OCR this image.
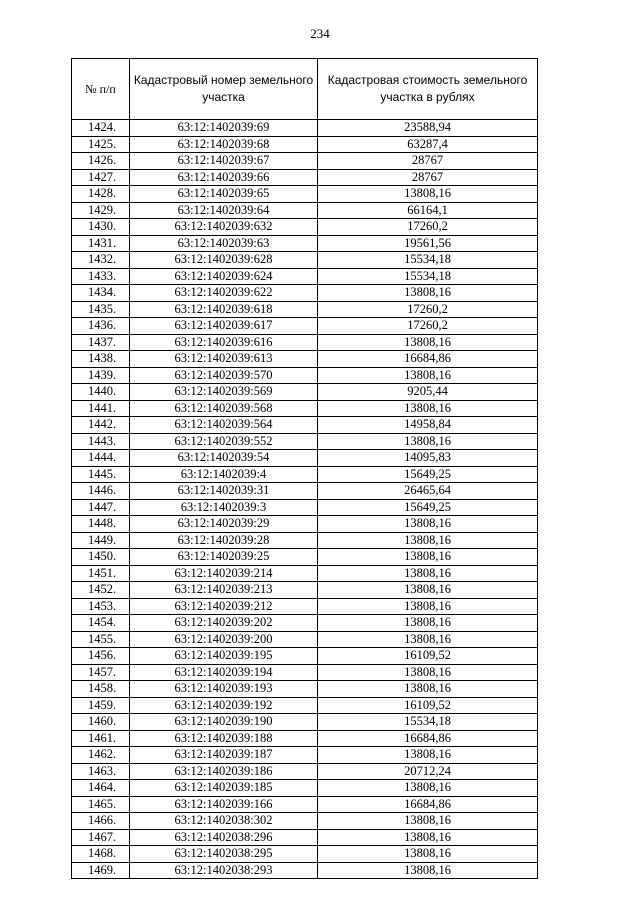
234
№ п/п	Кадастровый номер земельного участка	Кадастровая стоимость земельного участка в рублях
1424.	63:12:1402039:69	23588,94
1425.	63:12:1402039:68	63287,4
1426.	63:12:1402039:67	28767
1427.	63:12:1402039:66	28767
1428.	63:12:1402039:65	13808,16
1429.	63:12:1402039:64	66164,1
1430.	63:12:1402039:632	17260,2
1431.	63:12:1402039:63	19561,56
1432.	63:12:1402039:628	15534,18
1433.	63:12:1402039:624	15534,18
1434.	63:12:1402039:622	13808,16
1435.	63:12:1402039:618	17260,2
1436.	63:12:1402039:617	17260,2
1437.	63:12:1402039:616	13808,16
1438.	63:12:1402039:613	16684,86
1439.	63:12:1402039:570	13808,16
1440.	63:12:1402039:569	9205,44
1441.	63:12:1402039:568	13808,16
1442.	63:12:1402039:564	14958,84
1443.	63:12:1402039:552	13808,16
1444.	63:12:1402039:54	14095,83
1445.	63:12:1402039:4	15649,25
1446.	63:12:1402039:31	26465,64
1447.	63:12:1402039:3	15649,25
1448.	63:12:1402039:29	13808,16
1449.	63:12:1402039:28	13808,16
1450.	63:12:1402039:25	13808,16
1451.	63:12:1402039:214	13808,16
1452.	63:12:1402039:213	13808,16
1453.	63:12:1402039:212	13808,16
1454.	63:12:1402039:202	13808,16
1455.	63:12:1402039:200	13808,16
1456.	63:12:1402039:195	16109,52
1457.	63:12:1402039:194	13808,16
1458.	63:12:1402039:193	13808,16
1459.	63:12:1402039:192	16109,52
1460.	63:12:1402039:190	15534,18
1461.	63:12:1402039:188	16684,86
1462.	63:12:1402039:187	13808,16
1463.	63:12:1402039:186	20712,24
1464.	63:12:1402039:185	13808,16
1465.	63:12:1402039:166	16684,86
1466.	63:12:1402038:302	13808,16
1467.	63:12:1402038:296	13808,16
1468.	63:12:1402038:295	13808,16
1469.	63:12:1402038:293	13808,16
